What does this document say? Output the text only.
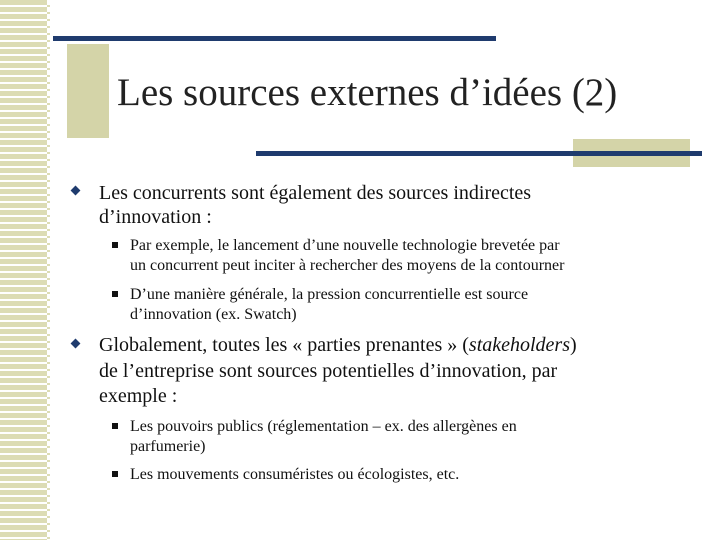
Les sources externes d’idées (2)
Les concurrents sont également des sources indirectes
d’innovation :
Par exemple, le lancement d’une nouvelle technologie brevetée par
un concurrent peut inciter à rechercher des moyens de la contourner
D’une manière générale, la pression concurrentielle est source
d’innovation (ex. Swatch)
Globalement, toutes les « parties prenantes » (stakeholders)
de l’entreprise sont sources potentielles d’innovation, par
exemple :
Les pouvoirs publics (réglementation – ex. des allergènes en
parfumerie)
Les mouvements consuméristes ou écologistes, etc.
